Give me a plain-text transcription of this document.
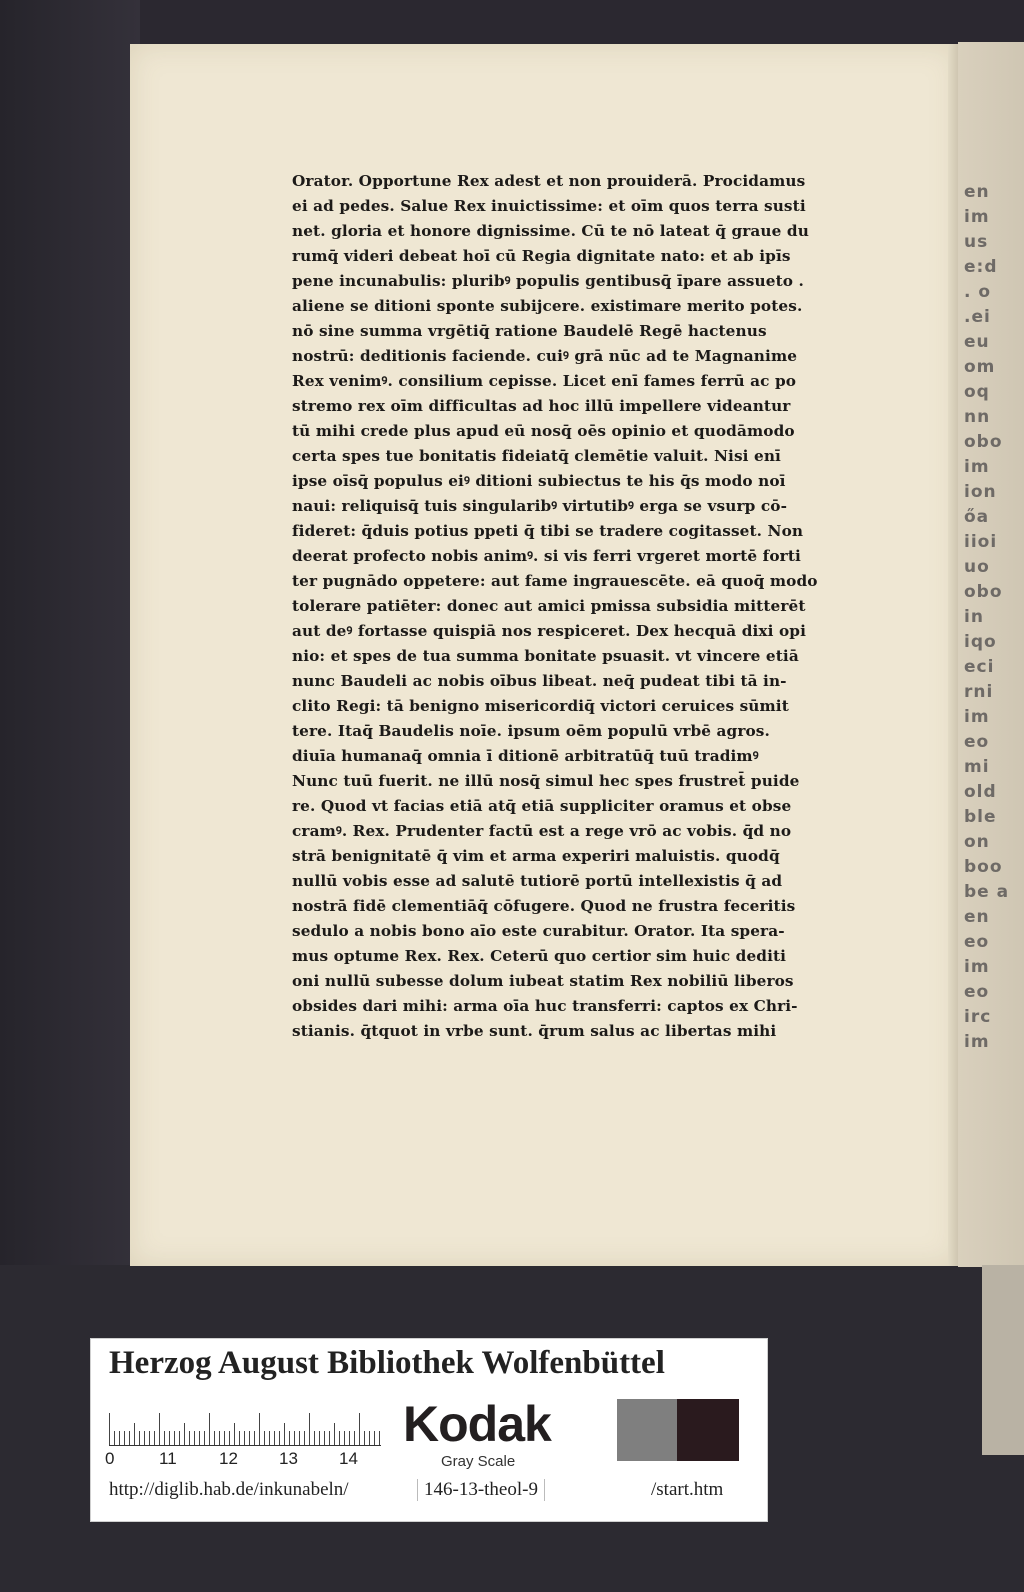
en
im
us
e:d
. o
.ei
eu
om
oq
nn
obo
im
ion
őa
iioi
uo
obo
in
iqo
eci
rni
im
eo
mi
old
ble
on
boo
be a
en
eo
im
eo
irc
im
Orator. Opportune Rex adest et non prouiderā. Procidamus
ei ad pedes. Salue Rex inuictissime: et oīm quos terra susti
net. gloria et honore dignissime. Cū te nō lateat q̄ graue du
rumq̄ videri debeat hoī cū Regia dignitate nato: et ab ipīs
pene incunabulis: pluribꝰ populis gentibusq̄ īpare assueto .
aliene se ditioni sponte subijcere. existimare merito potes.
nō sine summa vrgētiq̄ ratione Baudelē Regē hactenus
nostrū: deditionis faciende. cuiꝰ grā nūc ad te Magnanime
Rex venimꝰ. consilium cepisse. Licet enī fames ferrū ac po
stremo rex oīm difficultas ad hoc illū impellere videantur
tū mihi crede plus apud eū nosq̄ oēs opinio et quodāmodo
certa spes tue bonitatis fideiatq̄ clemētie valuit. Nisi enī
ipse oīsq̄ populus eiꝰ ditioni subiectus te his q̄s modo noī
naui: reliquisq̄ tuis singularibꝰ virtutibꝰ erga se vsurp cō-
fideret: q̄duis potius ppeti q̄ tibi se tradere cogitasset. Non
deerat profecto nobis animꝰ. si vis ferri vrgeret mortē forti
ter pugnādo oppetere: aut fame ingrauescēte. eā quoq̄ modo
tolerare patiēter: donec aut amici pmissa subsidia mitterēt
aut deꝰ fortasse quispiā nos respiceret. Dex hecquā dixi opi
nio: et spes de tua summa bonitate psuasit. vt vincere etiā
nunc Baudeli ac nobis oībus libeat. neq̄ pudeat tibi tā in-
clito Regi: tā benigno misericordiq̄ victori ceruices sūmit
tere. Itaq̄ Baudelis noīe. ipsum oēm populū vrbē agros.
diuīa humanaq̄ omnia ī ditionē arbitratūq̄ tuū tradimꝰ
Nunc tuū fuerit. ne illū nosq̄ simul hec spes frustret̄ puide
re. Quod vt facias etiā atq̄ etiā suppliciter oramus et obse
cramꝰ. Rex. Prudenter factū est a rege vrō ac vobis. q̄d no
strā benignitatē q̄ vim et arma experiri maluistis. quodq̄
nullū vobis esse ad salutē tutiorē portū intellexistis q̄ ad
nostrā fidē clementiāq̄ cōfugere. Quod ne frustra feceritis
sedulo a nobis bono aīo este curabitur. Orator. Ita spera-
mus optume Rex. Rex. Ceterū quo certior sim huic dediti
oni nullū subesse dolum iubeat statim Rex nobiliū liberos
obsides dari mihi: arma oīa huc transferri: captos ex Chri-
stianis. q̄tquot in vrbe sunt. q̄rum salus ac libertas mihi
Herzog August Bibliothek Wolfenbüttel
0	11 12 13 14
Kodak
Gray Scale
http://diglib.hab.de/inkunabeln/	146-13-theol-9	/start.htm
